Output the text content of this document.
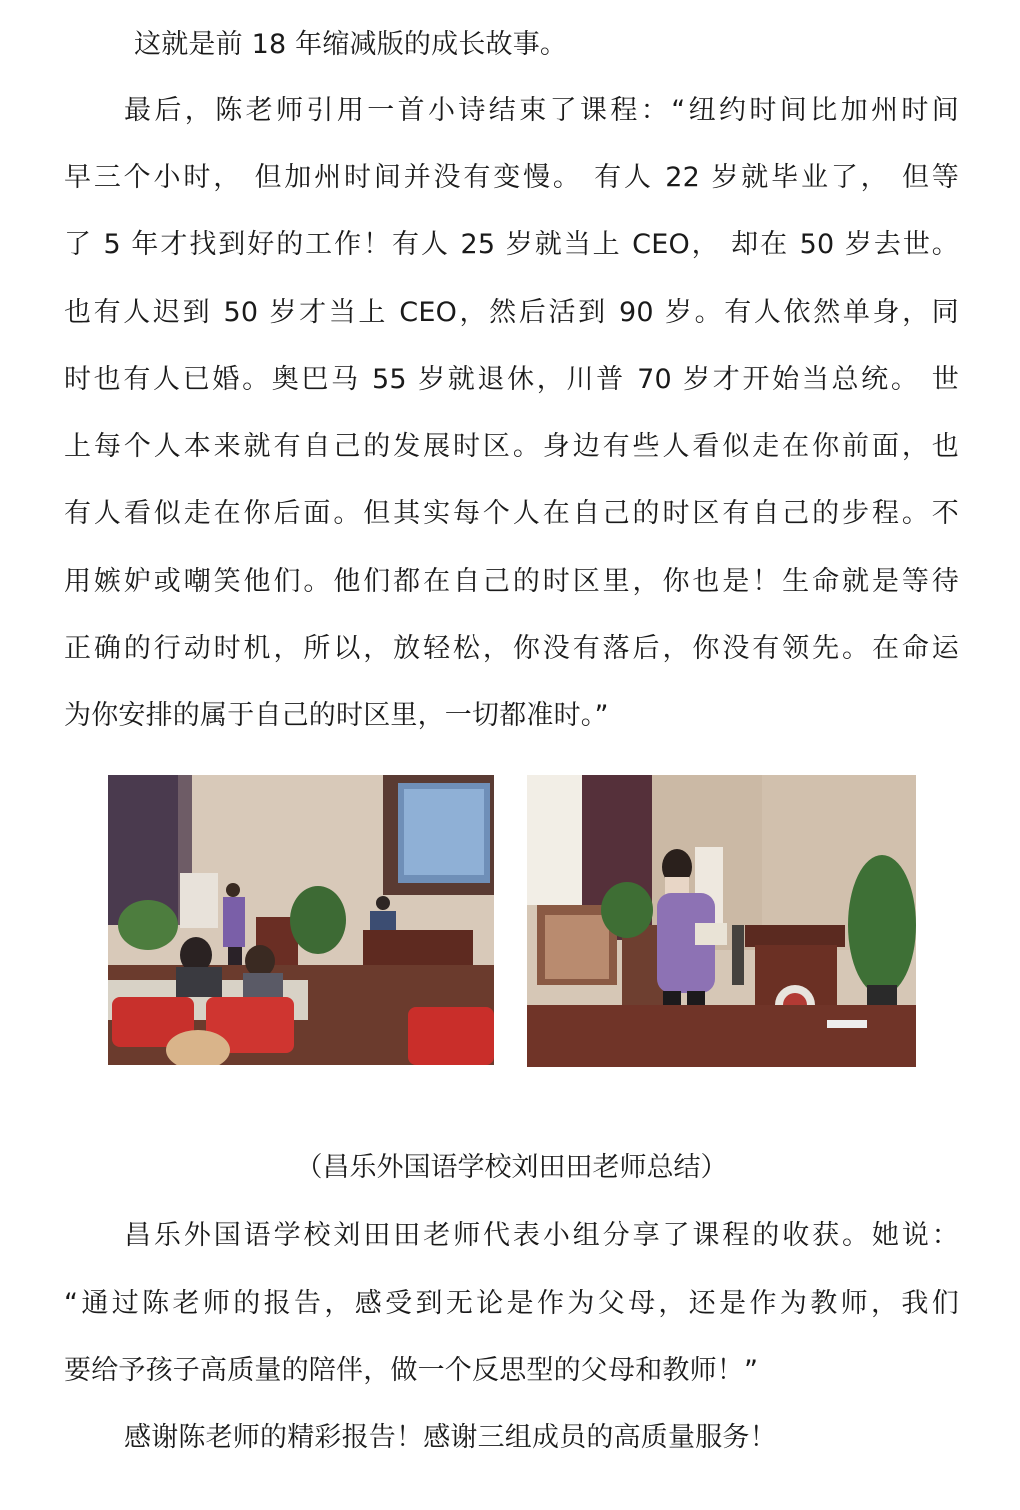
这就是前 18 年缩减版的成长故事。
最后，陈老师引用一首小诗结束了课程：“纽约时间比加州时间
早三个小时， 但加州时间并没有变慢。 有人 22 岁就毕业了， 但等
了 5 年才找到好的工作！有人 25 岁就当上 CEO， 却在 50 岁去世。
也有人迟到 50 岁才当上 CEO，然后活到 90 岁。有人依然单身，同
时也有人已婚。奥巴马 55 岁就退休，川普 70 岁才开始当总统。 世
上每个人本来就有自己的发展时区。身边有些人看似走在你前面，也
有人看似走在你后面。但其实每个人在自己的时区有自己的步程。不
用嫉妒或嘲笑他们。他们都在自己的时区里，你也是！生命就是等待
正确的行动时机，所以，放轻松，你没有落后，你没有领先。在命运
为你安排的属于自己的时区里，一切都准时。”
（昌乐外国语学校刘田田老师总结）
昌乐外国语学校刘田田老师代表小组分享了课程的收获。她说：
“通过陈老师的报告，感受到无论是作为父母，还是作为教师，我们
要给予孩子高质量的陪伴，做一个反思型的父母和教师！”
感谢陈老师的精彩报告！感谢三组成员的高质量服务！
